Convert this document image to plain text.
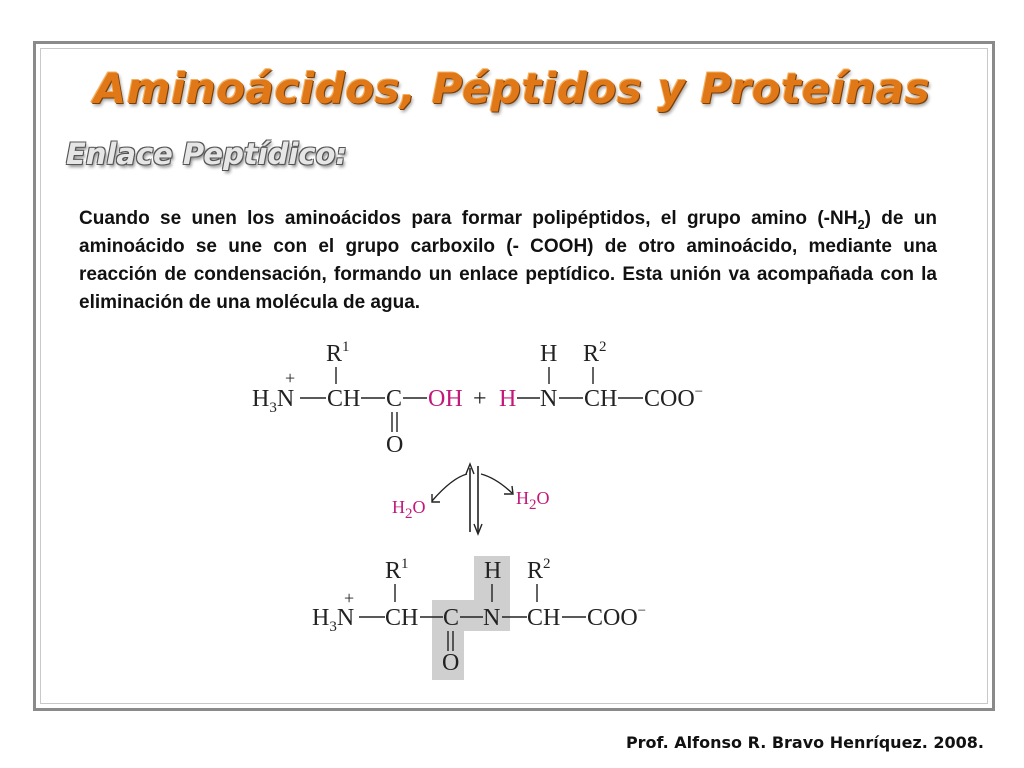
Aminoácidos, Péptidos y Proteínas
Enlace Peptídico:
Cuando se unen los aminoácidos para formar polipéptidos, el grupo amino $(-NH_2)$ de un aminoácido se une con el grupo carboxilo (- COOH) de otro aminoácido, mediante una reacción de condensación, formando un enlace peptídico. Esta unión va acompañada con la eliminación de una molécula de agua.
$R^1$	H $R^2$
+
$H_3N$ CH C OH + H N CH COO−
O
$H_2O$	$H_2O$
$R^1$	H $R^2$
+
$H_3N$ CH C N CH COO−
O
Prof. Alfonso R. Bravo Henríquez. 2008.
